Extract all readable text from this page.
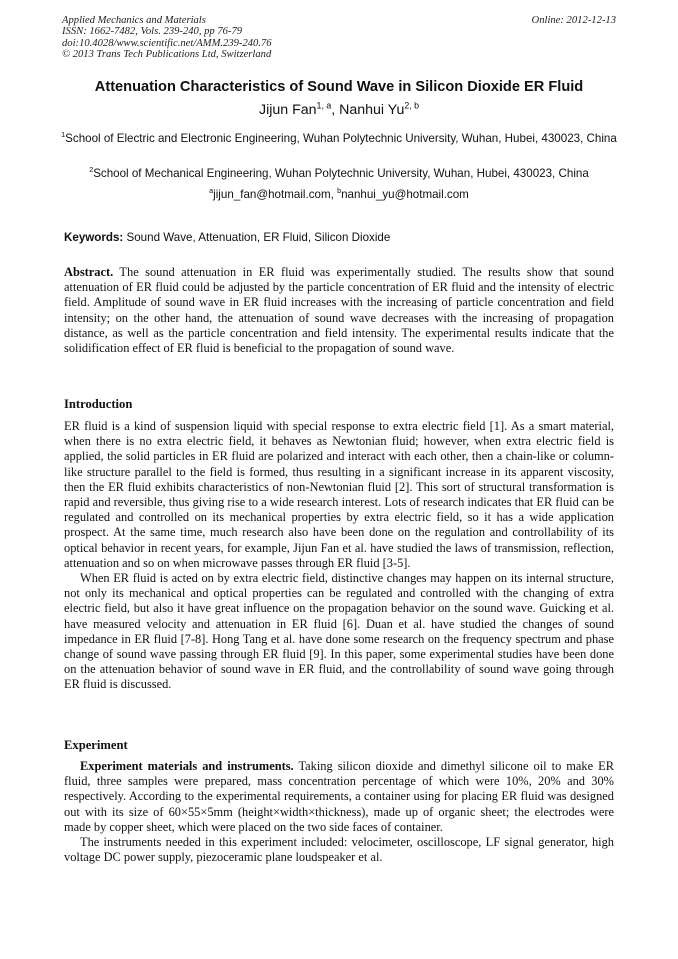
Applied Mechanics and Materials
ISSN: 1662-7482, Vols. 239-240, pp 76-79
doi:10.4028/www.scientific.net/AMM.239-240.76
© 2013 Trans Tech Publications Ltd, Switzerland
Online: 2012-12-13
Attenuation Characteristics of Sound Wave in Silicon Dioxide ER Fluid
Jijun Fan$^{1, a}$, Nanhui Yu$^{2, b}$
$^1$School of Electric and Electronic Engineering, Wuhan Polytechnic University, Wuhan, Hubei, 430023, China
$^2$School of Mechanical Engineering, Wuhan Polytechnic University, Wuhan, Hubei, 430023, China
$^a$jijun_fan@hotmail.com, $^b$nanhui_yu@hotmail.com
Keywords: Sound Wave, Attenuation, ER Fluid, Silicon Dioxide

Abstract. The sound attenuation in ER fluid was experimentally studied. The results show that sound attenuation of ER fluid could be adjusted by the particle concentration of ER fluid and the intensity of electric field. Amplitude of sound wave in ER fluid increases with the increasing of particle concentration and field intensity; on the other hand, the attenuation of sound wave decreases with the increasing of propagation distance, as well as the particle concentration and field intensity. The experimental results indicate that the solidification effect of ER fluid is beneficial to the propagation of sound wave.

Introduction

ER fluid is a kind of suspension liquid with special response to extra electric field [1]. As a smart material, when there is no extra electric field, it behaves as Newtonian fluid; however, when extra electric field is applied, the solid particles in ER fluid are polarized and interact with each other, then a chain-like or column-like structure parallel to the field is formed, thus resulting in a significant increase in its apparent viscosity, then the ER fluid exhibits characteristics of non-Newtonian fluid [2]. This sort of structural transformation is rapid and reversible, thus giving rise to a wide research interest. Lots of research indicates that ER fluid can be regulated and controlled on its mechanical properties by extra electric field, so it has a wide application prospect. At the same time, much research also have been done on the regulation and controllability of its optical behavior in recent years, for example, Jijun Fan et al. have studied the laws of transmission, reflection, attenuation and so on when microwave passes through ER fluid [3-5].

When ER fluid is acted on by extra electric field, distinctive changes may happen on its internal structure, not only its mechanical and optical properties can be regulated and controlled with the changing of extra electric field, but also it have great influence on the propagation behavior on the sound wave. Guicking et al. have measured velocity and attenuation in ER fluid [6]. Duan et al. have studied the changes of sound impedance in ER fluid [7-8]. Hong Tang et al. have done some research on the frequency spectrum and phase change of sound wave passing through ER fluid [9]. In this paper, some experimental studies have been done on the attenuation behavior of sound wave in ER fluid, and the controllability of sound wave going through ER fluid is discussed.

Experiment

Experiment materials and instruments. Taking silicon dioxide and dimethyl silicone oil to make ER fluid, three samples were prepared, mass concentration percentage of which were 10%, 20% and 30% respectively. According to the experimental requirements, a container using for placing ER fluid was designed out with its size of 60×55×5mm (height×width×thickness), made up of organic sheet; the electrodes were made by copper sheet, which were placed on the two side faces of container.

The instruments needed in this experiment included: velocimeter, oscilloscope, LF signal generator, high voltage DC power supply, piezoceramic plane loudspeaker et al.
